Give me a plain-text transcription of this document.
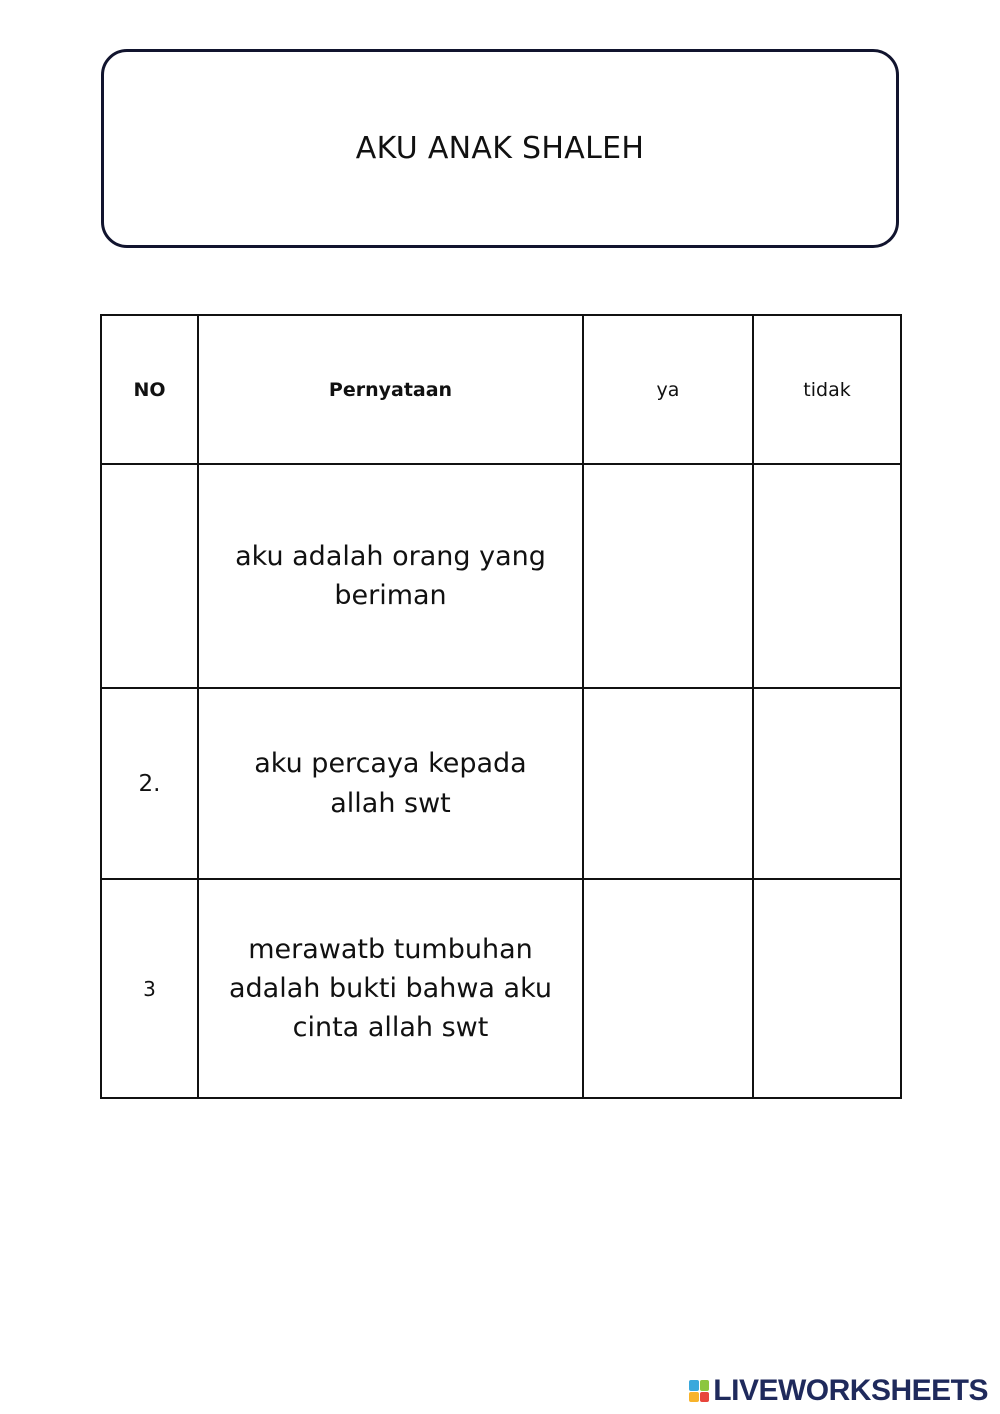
AKU ANAK SHALEH
NO	Pernyataan	ya	tidak
	aku adalah orang yang beriman		
2.	aku percaya kepada allah swt		
3	merawatb tumbuhan adalah bukti bahwa aku cinta allah swt		
LIVEWORKSHEETS
